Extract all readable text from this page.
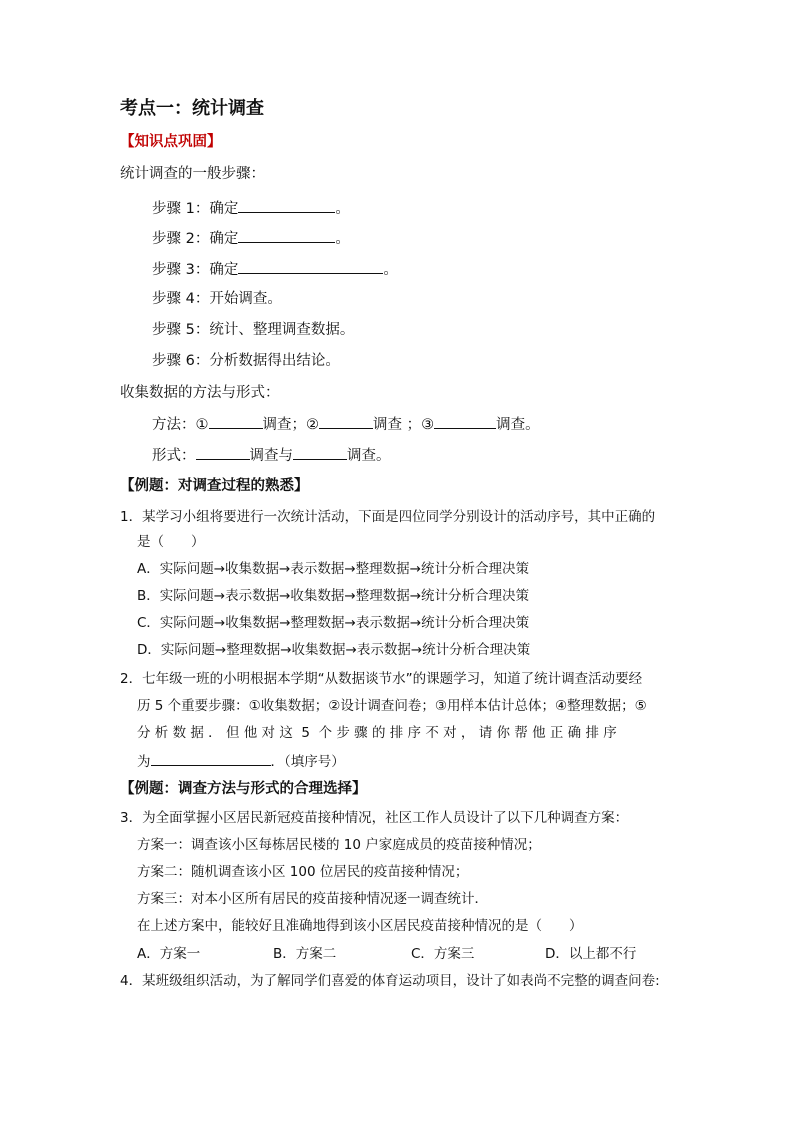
考点一：统计调查
【知识点巩固】
统计调查的一般步骤：
步骤 1：确定	。
步骤 2：确定	。
步骤 3：确定	。
步骤 4：开始调查。
步骤 5：统计、整理调查数据。
步骤 6：分析数据得出结论。
收集数据的方法与形式：
方法：①	调查；②	调查 ；③	调查。
形式：	调查与	调查。
【例题：对调查过程的熟悉】
1．某学习小组将要进行一次统计活动，下面是四位同学分别设计的活动序号，其中正确的
是（　　）
A．实际问题→收集数据→表示数据→整理数据→统计分析合理决策
B．实际问题→表示数据→收集数据→整理数据→统计分析合理决策
C．实际问题→收集数据→整理数据→表示数据→统计分析合理决策
D．实际问题→整理数据→收集数据→表示数据→统计分析合理决策
2．七年级一班的小明根据本学期“从数据谈节水”的课题学习，知道了统计调查活动要经
历 5 个重要步骤：①收集数据；②设计调查问卷；③用样本估计总体；④整理数据；⑤
分 析 数 据 ． 但 他 对 这  5  个 步 骤 的 排 序 不 对 ， 请 你 帮 他 正 确 排 序
为	．（填序号）
【例题：调查方法与形式的合理选择】
3．为全面掌握小区居民新冠疫苗接种情况，社区工作人员设计了以下几种调查方案：
方案一：调查该小区每栋居民楼的 10 户家庭成员的疫苗接种情况；
方案二：随机调查该小区 100 位居民的疫苗接种情况；
方案三：对本小区所有居民的疫苗接种情况逐一调查统计．
在上述方案中，能较好且准确地得到该小区居民疫苗接种情况的是（　　）
A．方案一	B．方案二	C．方案三	D．以上都不行
4．某班级组织活动，为了解同学们喜爱的体育运动项目，设计了如表尚不完整的调查问卷:
